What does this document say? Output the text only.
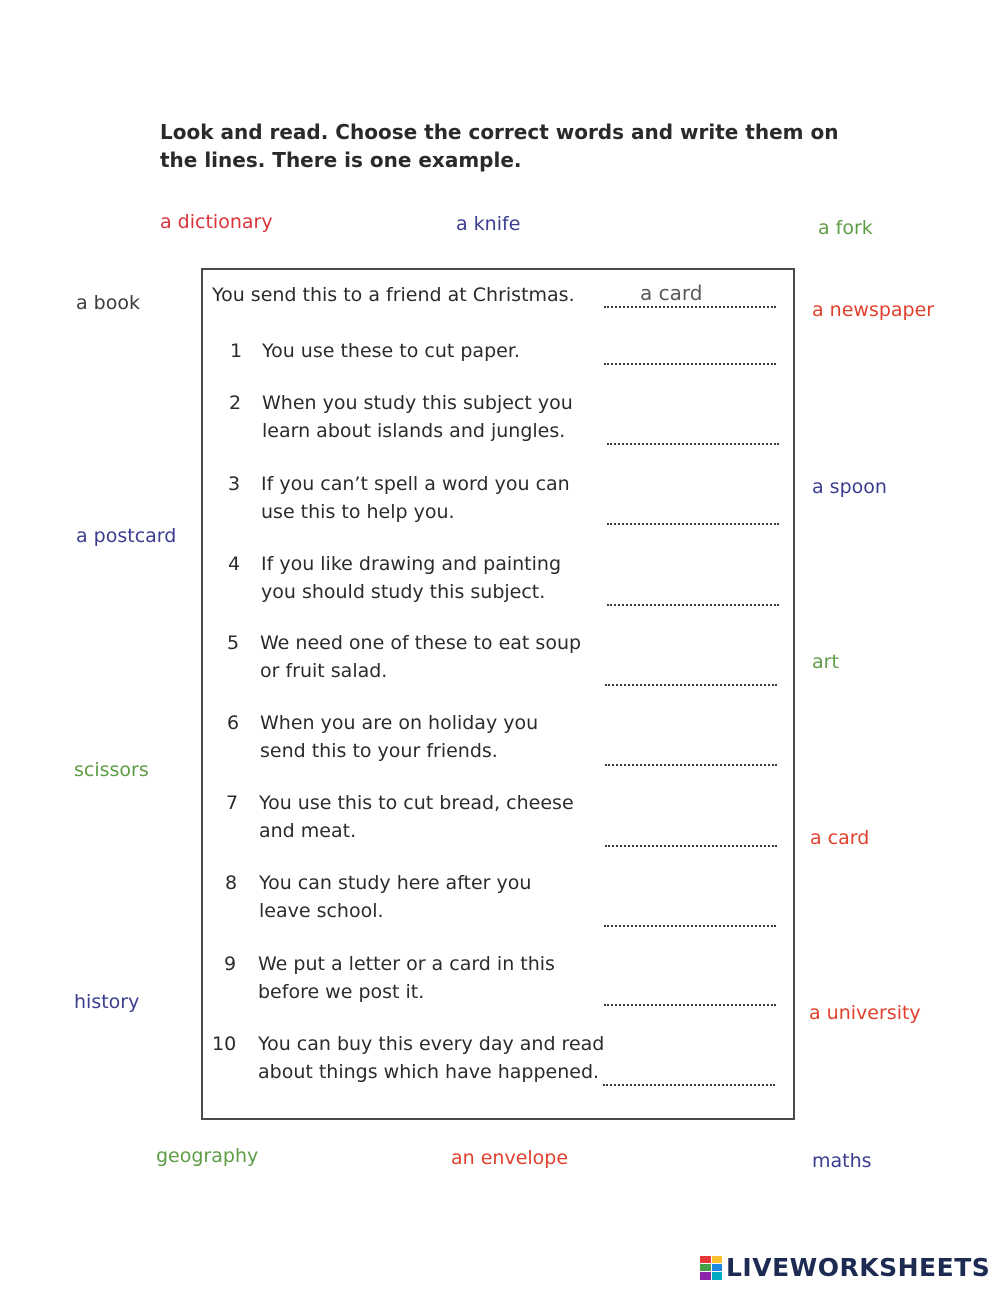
Look and read. Choose the correct words and write them on the lines. There is one example.

a dictionary	a knife	a fork
a book	a newspaper
a spoon
a postcard
art
scissors
a card
history	a university
geography	an envelope	maths
You send this to a friend at Christmas.	a card
1 You use these to cut paper.

2 When you study this subject you
learn about islands and jungles.

3 If you can’t spell a word you can
use this to help you.

4 If you like drawing and painting
you should study this subject.

5 We need one of these to eat soup
or fruit salad.

6 When you are on holiday you
send this to your friends.

7 You use this to cut bread, cheese
and meat.

8 You can study here after you
leave school.

9 We put a letter or a card in this
before we post it.

10 You can buy this every day and read
about things which have happened.

LIVEWORKSHEETS
